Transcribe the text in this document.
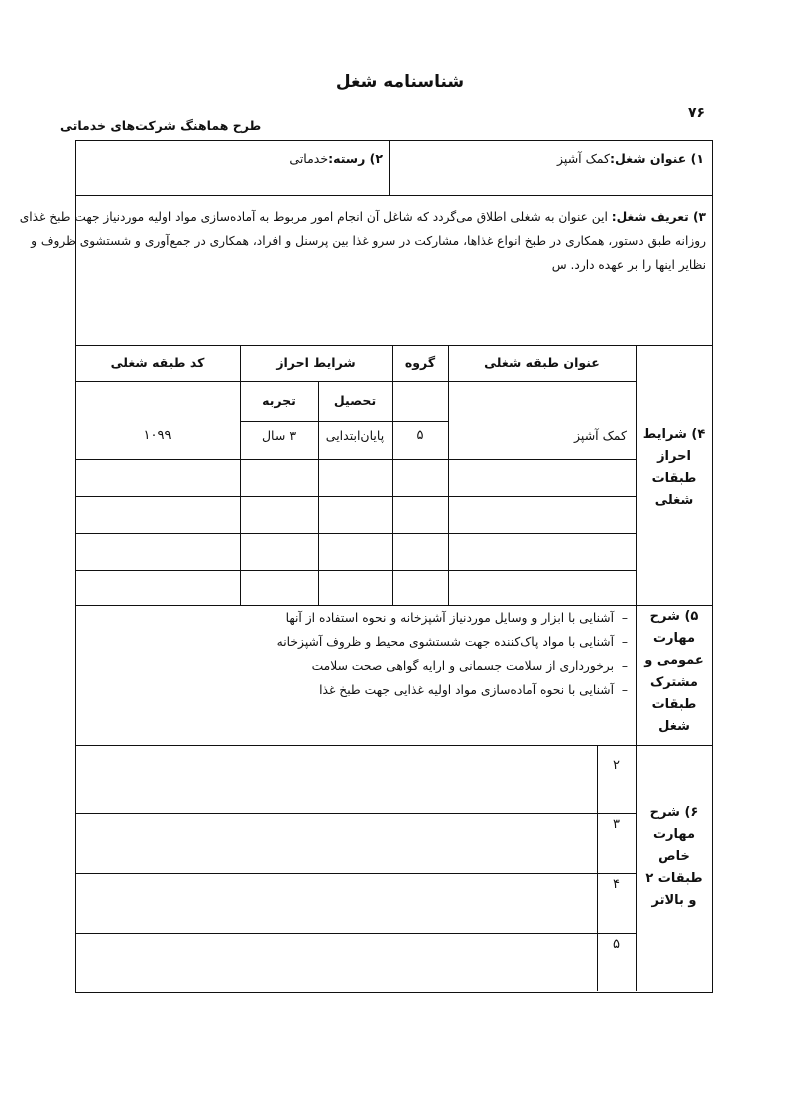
شناسنامه شغل
۷۶
طرح هماهنگ شرکت‌های خدماتی
۱) عنوان شغل:کمک آشپز
۲) رسته:خدماتی
۳) تعریف شغل: این عنوان به شغلی اطلاق می‌گردد که شاغل آن انجام امور مربوط به آماده‌سازی مواد اولیه موردنیاز جهت طبخ غذای
روزانه طبق دستور، همکاری در طبخ انواع غذاها، مشارکت در سرو غذا بین پرسنل و افراد، همکاری در جمع‌آوری و شستشوی ظروف و
نظایر اینها را بر عهده دارد. س
۴) شرایط
احراز
طبقات
شغلی
عنوان طبقه شغلی
گروه
شرایط احراز
کد طبقه شغلی
تحصیل
تجربه
کمک آشپز
۵
پایان‌ابتدایی
۳ سال
۱۰۹۹
۵) شرح
مهارت
عمومی و
مشترک
طبقات
شغل
–  آشنایی با ابزار و وسایل موردنیاز آشپزخانه و نحوه استفاده از آنها
–  آشنایی با مواد پاک‌کننده جهت شستشوی محیط و ظروف آشپزخانه
–  برخورداری از سلامت جسمانی و ارایه گواهی صحت سلامت
–  آشنایی با نحوه آماده‌سازی مواد اولیه غذایی جهت طبخ غذا
۶) شرح
مهارت
خاص
طبقات ۲
و بالاتر
۲
۳
۴
۵
